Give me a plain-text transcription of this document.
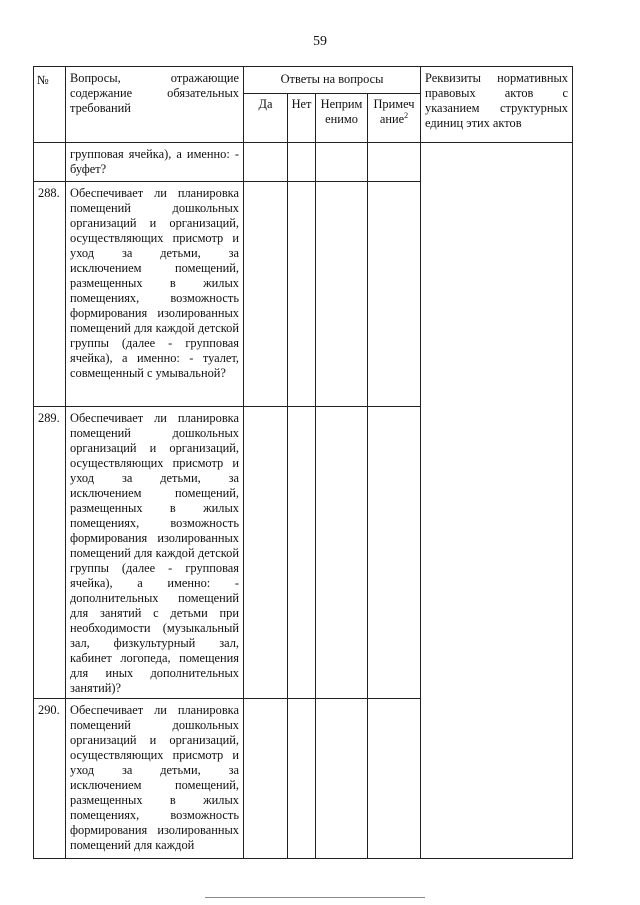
59
№	Вопросы, отражающие содержание обязательных требований	Ответы на вопросы				Реквизиты нормативных правовых актов с указанием структурных единиц этих актов
		Да	Нет	Неприм енимо	Примеч ание$^2$
	групповая ячейка), а именно: - буфет?					
288.	Обеспечивает ли планировка помещений дошкольных организаций и организаций, осуществляющих присмотр и уход за детьми, за исключением помещений, размещенных в жилых помещениях, возможность формирования изолированных помещений для каждой детской группы (далее - групповая ячейка), а именно: - туалет, совмещенный с умывальной?					
289.	Обеспечивает ли планировка помещений дошкольных организаций и организаций, осуществляющих присмотр и уход за детьми, за исключением помещений, размещенных в жилых помещениях, возможность формирования изолированных помещений для каждой детской группы (далее - групповая ячейка), а именно: - дополнительных помещений для занятий с детьми при необходимости (музыкальный зал, физкультурный зал, кабинет логопеда, помещения для иных дополнительных занятий)?					
290.	Обеспечивает ли планировка помещений дошкольных организаций и организаций, осуществляющих присмотр и уход за детьми, за исключением помещений, размещенных в жилых помещениях, возможность формирования изолированных помещений для каждой					
